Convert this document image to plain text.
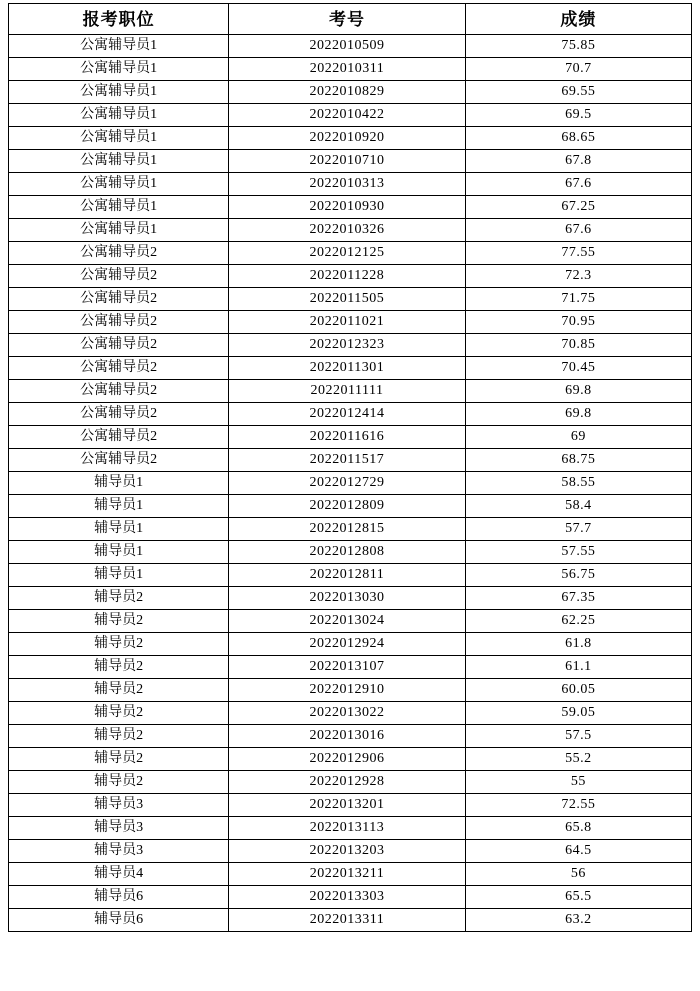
报考职位	考号	成绩
公寓辅导员1	2022010509	75.85
公寓辅导员1	2022010311	70.7
公寓辅导员1	2022010829	69.55
公寓辅导员1	2022010422	69.5
公寓辅导员1	2022010920	68.65
公寓辅导员1	2022010710	67.8
公寓辅导员1	2022010313	67.6
公寓辅导员1	2022010930	67.25
公寓辅导员1	2022010326	67.6
公寓辅导员2	2022012125	77.55
公寓辅导员2	2022011228	72.3
公寓辅导员2	2022011505	71.75
公寓辅导员2	2022011021	70.95
公寓辅导员2	2022012323	70.85
公寓辅导员2	2022011301	70.45
公寓辅导员2	2022011111	69.8
公寓辅导员2	2022012414	69.8
公寓辅导员2	2022011616	69
公寓辅导员2	2022011517	68.75
辅导员1	2022012729	58.55
辅导员1	2022012809	58.4
辅导员1	2022012815	57.7
辅导员1	2022012808	57.55
辅导员1	2022012811	56.75
辅导员2	2022013030	67.35
辅导员2	2022013024	62.25
辅导员2	2022012924	61.8
辅导员2	2022013107	61.1
辅导员2	2022012910	60.05
辅导员2	2022013022	59.05
辅导员2	2022013016	57.5
辅导员2	2022012906	55.2
辅导员2	2022012928	55
辅导员3	2022013201	72.55
辅导员3	2022013113	65.8
辅导员3	2022013203	64.5
辅导员4	2022013211	56
辅导员6	2022013303	65.5
辅导员6	2022013311	63.2
